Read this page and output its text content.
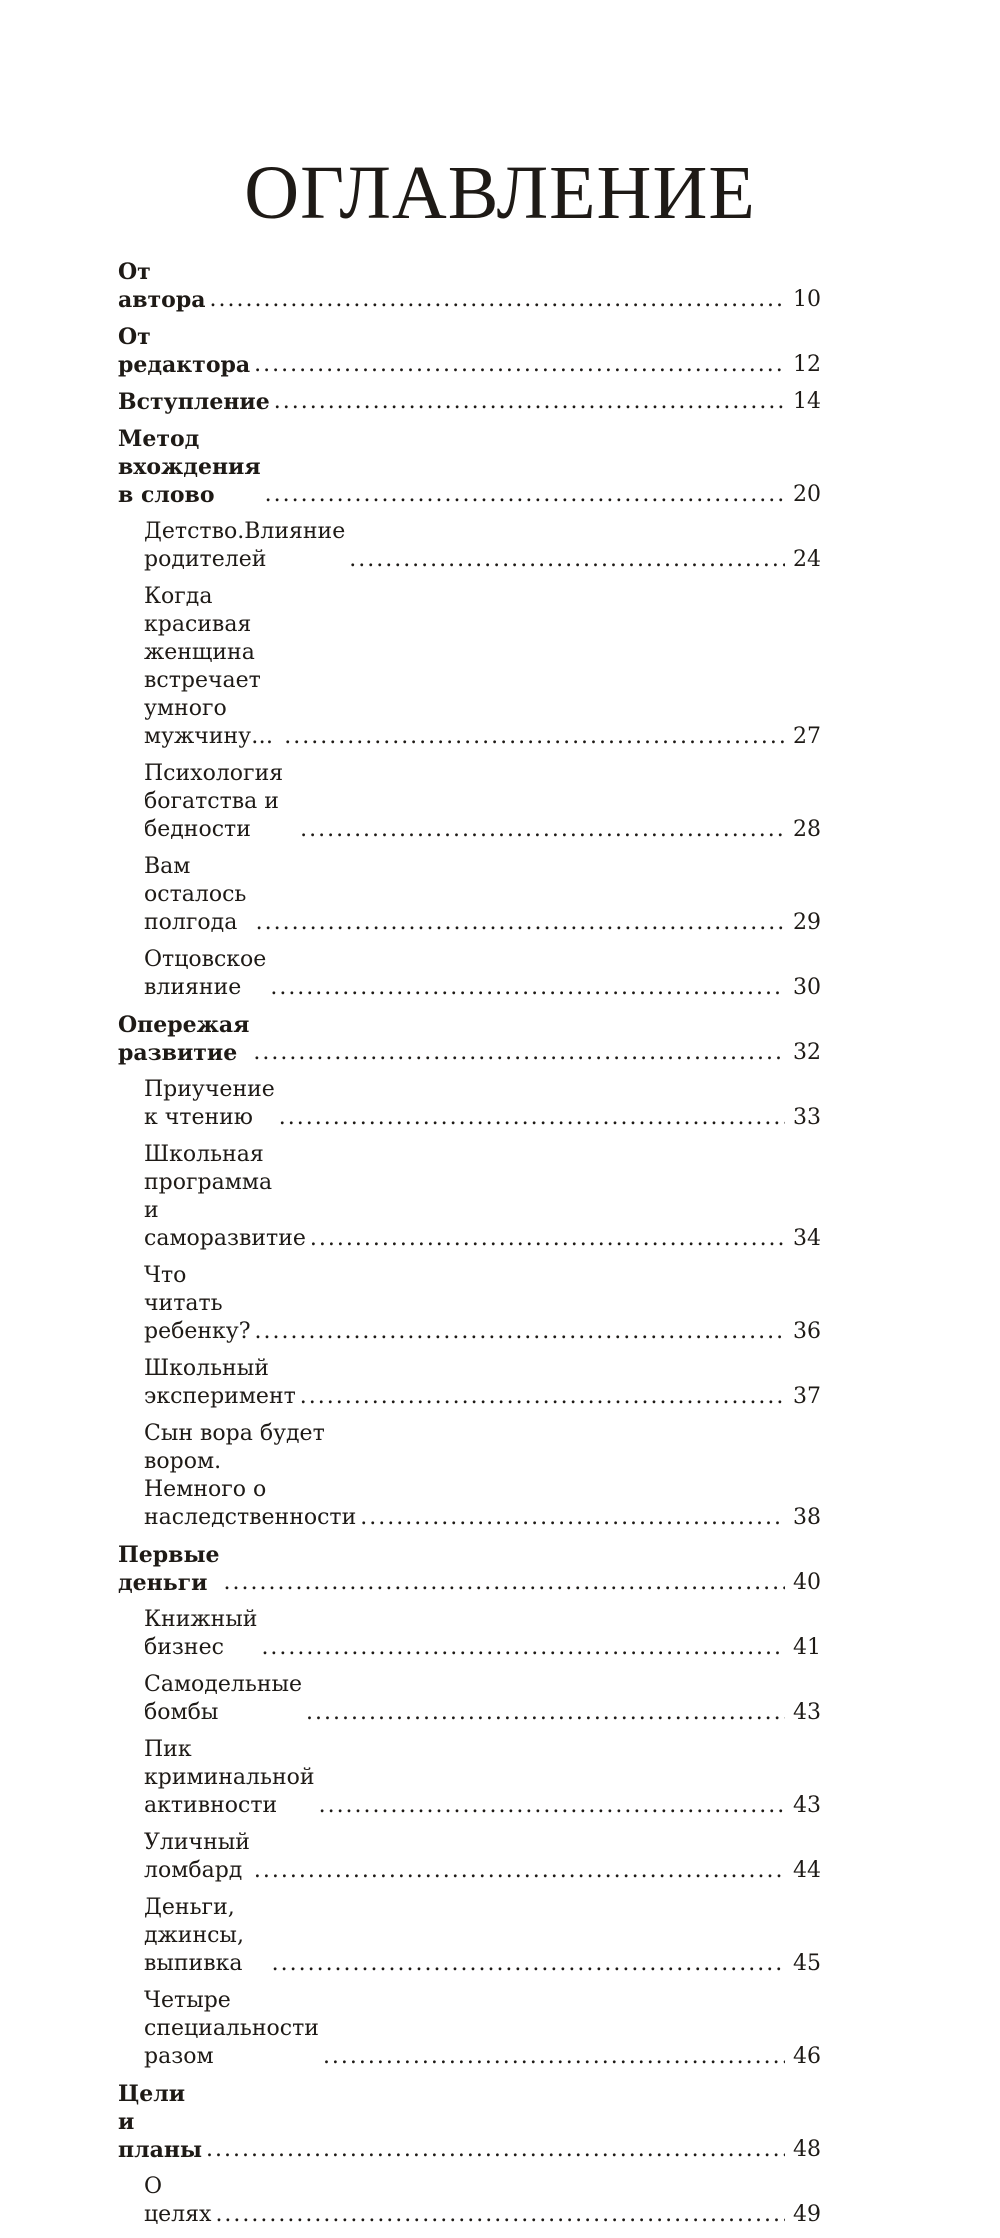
ОГЛАВЛЕНИЕ
От автора .....	10
От редактора .....	12
Вступление .....	14
Метод вхождения в слово .....	20
Детство.Влияние родителей .....	24
Когда красивая женщина
встречает умного мужчину… .....	27
Психология богатства и бедности .....	28
Вам осталось полгода .....	29
Отцовское влияние .....	30
Опережая развитие .....	32
Приучение к чтению .....	33
Школьная программа
и саморазвитие .....	34
Что читать ребенку? .....	36
Школьный эксперимент .....	37
Сын вора будет вором.
Немного о наследственности .....	38
Первые деньги .....	40
Книжный бизнес .....	41
Самодельные бомбы .....	43
Пик криминальной активности .....	43
Уличный ломбард .....	44
Деньги, джинсы, выпивка .....	45
Четыре специальности разом .....	46
Цели и планы .....	48
О целях .....	49
